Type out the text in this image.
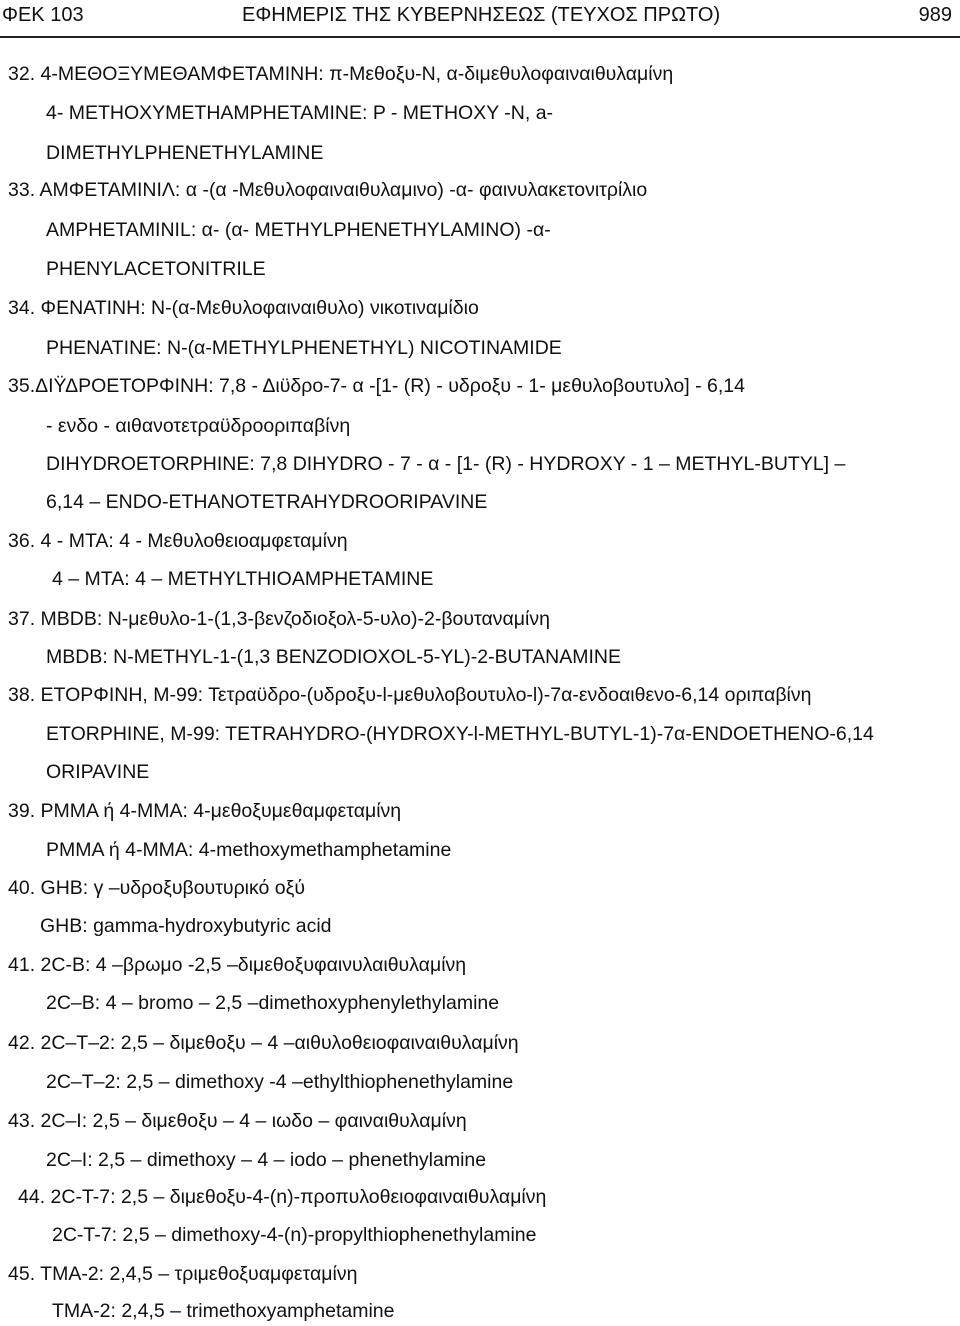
ΦΕΚ 103	ΕΦΗΜΕΡΙΣ ΤΗΣ ΚΥΒΕΡΝΗΣΕΩΣ (ΤΕΥΧΟΣ ΠΡΩΤΟ)	989
32. 4-ΜΕΘΟΞΥΜΕΘΑΜΦΕΤΑΜΙΝΗ: π-Μεθοξυ-Ν, α-διμεθυλοφαιναιθυλαμίνη
4- METHOXYMETHAMPHETAMINE: P - METHOXY -N, a-
DIMETHYLPHENETHYLAMINE
33. ΑΜΦΕΤΑΜΙΝΙΛ: α -(α -Μεθυλοφαιναιθυλαμινο) -α- φαινυλακετονιτρίλιο
AMPHETAMINIL: α- (α- METHYLPHENETHYLAMINO) -α-
PHENYLACETONITRILE
34. ΦΕΝΑΤΙΝΗ: Ν-(α-Μεθυλοφαιναιθυλο) νικοτιναμίδιο
PHENATINE: N-(α-METHYLPHENETHYL) NICOTINAMIDE
35.ΔΙΫΔΡΟΕΤΟΡΦΙΝΗ: 7,8 - Διϋδρο-7- α -[1- (R) - υδροξυ - 1- μεθυλοβουτυλο] - 6,14
- ενδο - αιθανοτετραϋδροοριπαβίνη
DIHYDROETORPHINE: 7,8 DIHYDRO - 7 - α - [1- (R) - HYDROXY - 1 – METHYL-BUTYL] –
6,14 – ENDO-ETHANOTETRAHYDROORIPAVINE
36. 4 - ΜΤΑ: 4 - Μεθυλοθειοαμφεταμίνη
4 – MTA: 4 – METHYLTHIOAMPHETAMINE
37. MBDB: Ν-μεθυλο-1-(1,3-βενζοδιοξολ-5-υλο)-2-βουταναμίνη
MBDB: N-METHYL-1-(1,3 BENZODIOXOL-5-YL)-2-BUTANAMINE
38. ΕΤΟΡΦΙΝΗ, Μ-99: Τετραϋδρο-(υδροξυ-l-μεθυλοβουτυλο-l)-7α-ενδοαιθενο-6,14 οριπαβίνη
ETORPHINE, M-99: TETRAHYDRO-(HYDROXY-l-METHYL-BUTYL-1)-7α-ENDOETHENO-6,14
ORIPAVINE
39. PMMA ή 4-ΜΜΑ: 4-μεθοξυμεθαμφεταμίνη
PMMA ή 4-MMA: 4-methoxymethamphetamine
40. GHB: γ –υδροξυβουτυρικό οξύ
GHB: gamma-hydroxybutyric acid
41. 2C-B: 4 –βρωμο -2,5 –διμεθοξυφαινυλαιθυλαμίνη
2C–B: 4 – bromo – 2,5 –dimethoxyphenylethylamine
42. 2C–T–2: 2,5 – διμεθοξυ – 4 –αιθυλοθειοφαιναιθυλαμίνη
2C–T–2: 2,5 – dimethoxy -4 –ethylthiophenethylamine
43. 2C–I: 2,5 – διμεθοξυ – 4 – ιωδο – φαιναιθυλαμίνη
2C–I: 2,5 – dimethoxy – 4 – iodo – phenethylamine
44. 2C-T-7: 2,5 – διμεθοξυ-4-(n)-προπυλοθειοφαιναιθυλαμίνη
2C-T-7: 2,5 – dimethoxy-4-(n)-propylthiophenethylamine
45. ΤΜΑ-2: 2,4,5 – τριμεθοξυαμφεταμίνη
TMA-2: 2,4,5 – trimethoxyamphetamine
